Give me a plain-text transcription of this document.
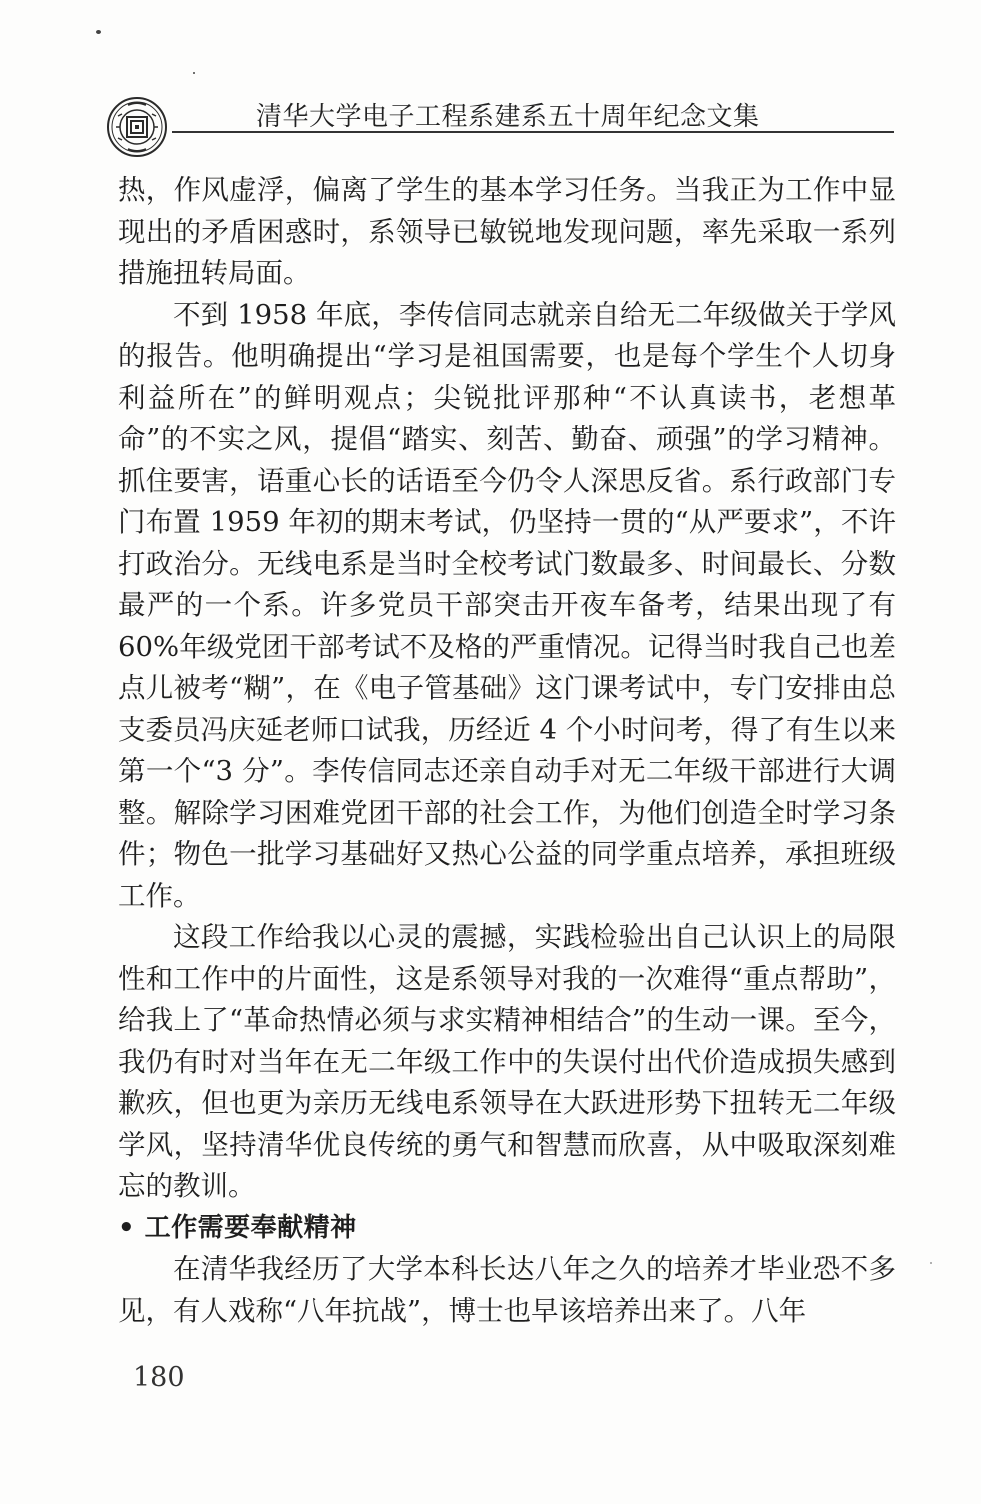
清华大学电子工程系建系五十周年纪念文集

热，作风虚浮，偏离了学生的基本学习任务。当我正为工作中显现出的矛盾困惑时，系领导已敏锐地发现问题，率先采取一系列措施扭转局面。

不到 1958 年底，李传信同志就亲自给无二年级做关于学风的报告。他明确提出“学习是祖国需要，也是每个学生个人切身利益所在”的鲜明观点；尖锐批评那种“不认真读书，老想革命”的不实之风，提倡“踏实、刻苦、勤奋、顽强”的学习精神。抓住要害，语重心长的话语至今仍令人深思反省。系行政部门专门布置 1959 年初的期末考试，仍坚持一贯的“从严要求”，不许打政治分。无线电系是当时全校考试门数最多、时间最长、分数最严的一个系。许多党员干部突击开夜车备考，结果出现了有 60%年级党团干部考试不及格的严重情况。记得当时我自己也差点儿被考“糊”，在《电子管基础》这门课考试中，专门安排由总支委员冯庆延老师口试我，历经近 4 个小时问考，得了有生以来第一个“3 分”。李传信同志还亲自动手对无二年级干部进行大调整。解除学习困难党团干部的社会工作，为他们创造全时学习条件；物色一批学习基础好又热心公益的同学重点培养，承担班级工作。

这段工作给我以心灵的震撼，实践检验出自己认识上的局限性和工作中的片面性，这是系领导对我的一次难得“重点帮助”，给我上了“革命热情必须与求实精神相结合”的生动一课。至今，我仍有时对当年在无二年级工作中的失误付出代价造成损失感到歉疚，但也更为亲历无线电系领导在大跃进形势下扭转无二年级学风，坚持清华优良传统的勇气和智慧而欣喜，从中吸取深刻难忘的教训。

• 工作需要奉献精神

在清华我经历了大学本科长达八年之久的培养才毕业恐不多见，有人戏称“八年抗战”，博士也早该培养出来了。八年

180
